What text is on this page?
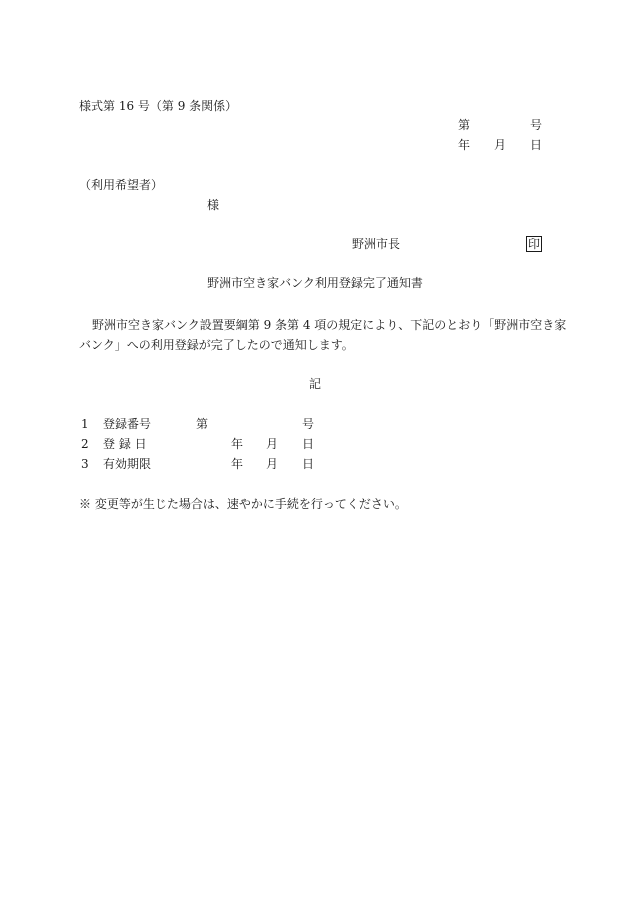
様式第 16 号（第 9 条関係）
第	号
年 月 日
（利用希望者）
様
野洲市長	印
野洲市空き家バンク利用登録完了通知書
野洲市空き家バンク設置要綱第 9 条第 4 項の規定により、下記のとおり「野洲市空き家
バンク」への利用登録が完了したので通知します。
記
1 登録番号	第	号
2 登 録 日	年 月 日
3 有効期限	年 月 日
※ 変更等が生じた場合は、速やかに手続を行ってください。
